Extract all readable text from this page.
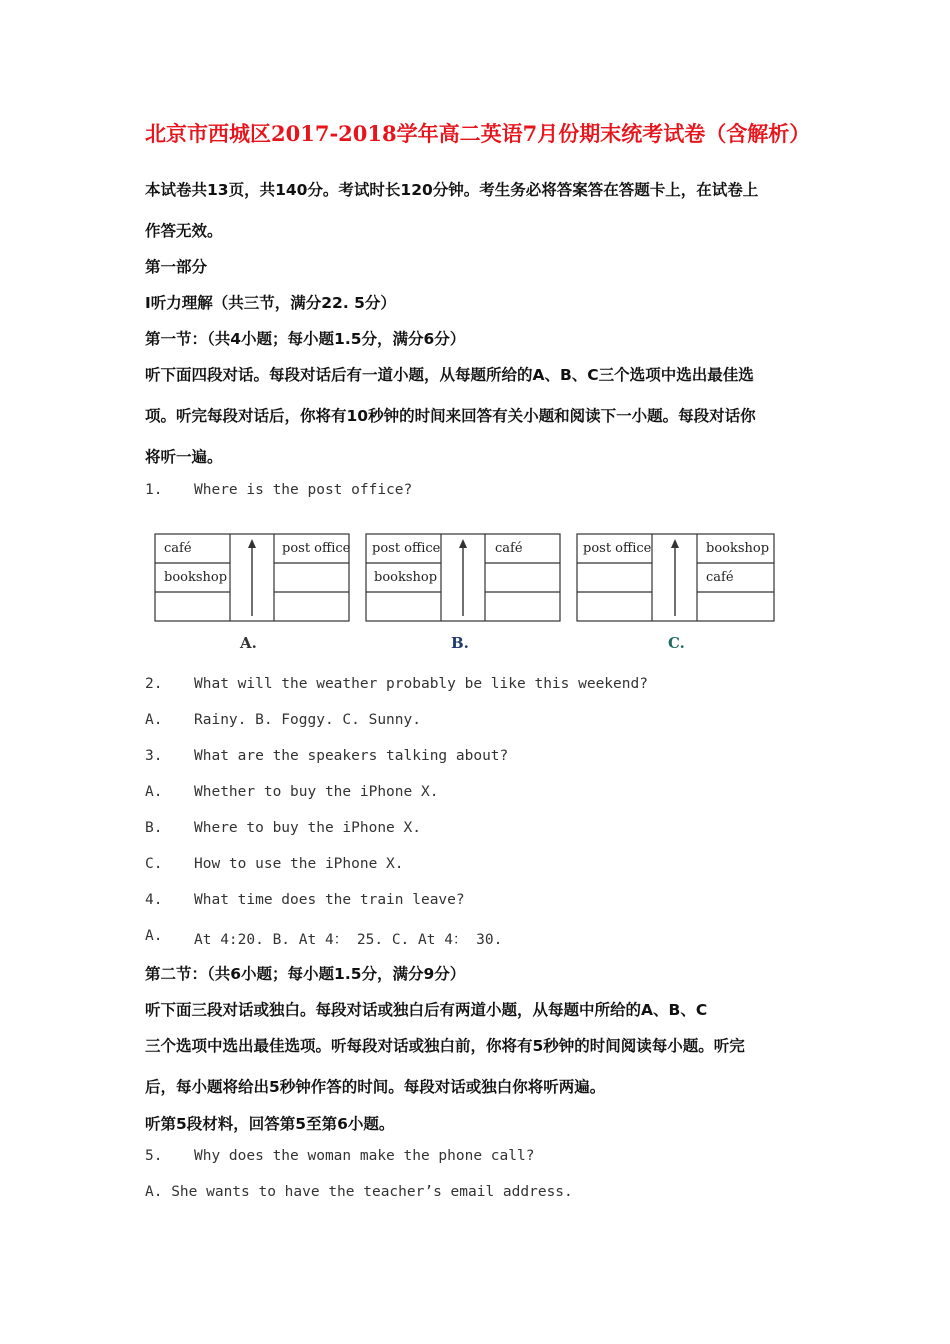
北京市西城区2017-2018学年高二英语7月份期末统考试卷（含解析）
本试卷共13页，共140分。考试时长120分钟。考生务必将答案答在答题卡上，在试卷上
作答无效。
第一部分
I听力理解（共三节，满分22. 5分）
第一节：（共4小题；每小题1.5分，满分6分）
听下面四段对话。每段对话后有一道小题，从每题所给的A、B、C三个选项中选出最佳选
项。听完每段对话后，你将有10秒钟的时间来回答有关小题和阅读下一小题。每段对话你
将听一遍。
1. Where is the post office?
café
bookshop
post office post office
bookshop
café	post office	bookshop
café
A.	B.	C.
2. What will the weather probably be like this weekend?
A. Rainy. B. Foggy. C. Sunny.
3. What are the speakers talking about?
A. Whether to buy the iPhone X.
B. Where to buy the iPhone X.
C. How to use the iPhone X.
4. What time does the train leave?
A. At 4:20. B. At 4： 25. C. At 4： 30.
第二节：（共6小题；每小题1.5分，满分9分）
听下面三段对话或独白。每段对话或独白后有两道小题，从每题中所给的A、B、C
三个选项中选出最佳选项。听每段对话或独白前，你将有5秒钟的时间阅读每小题。听完
后，每小题将给出5秒钟作答的时间。每段对话或独白你将听两遍。
听第5段材料，回答第5至第6小题。
5. Why does the woman make the phone call?
A. She wants to have the teacher’s email address.
